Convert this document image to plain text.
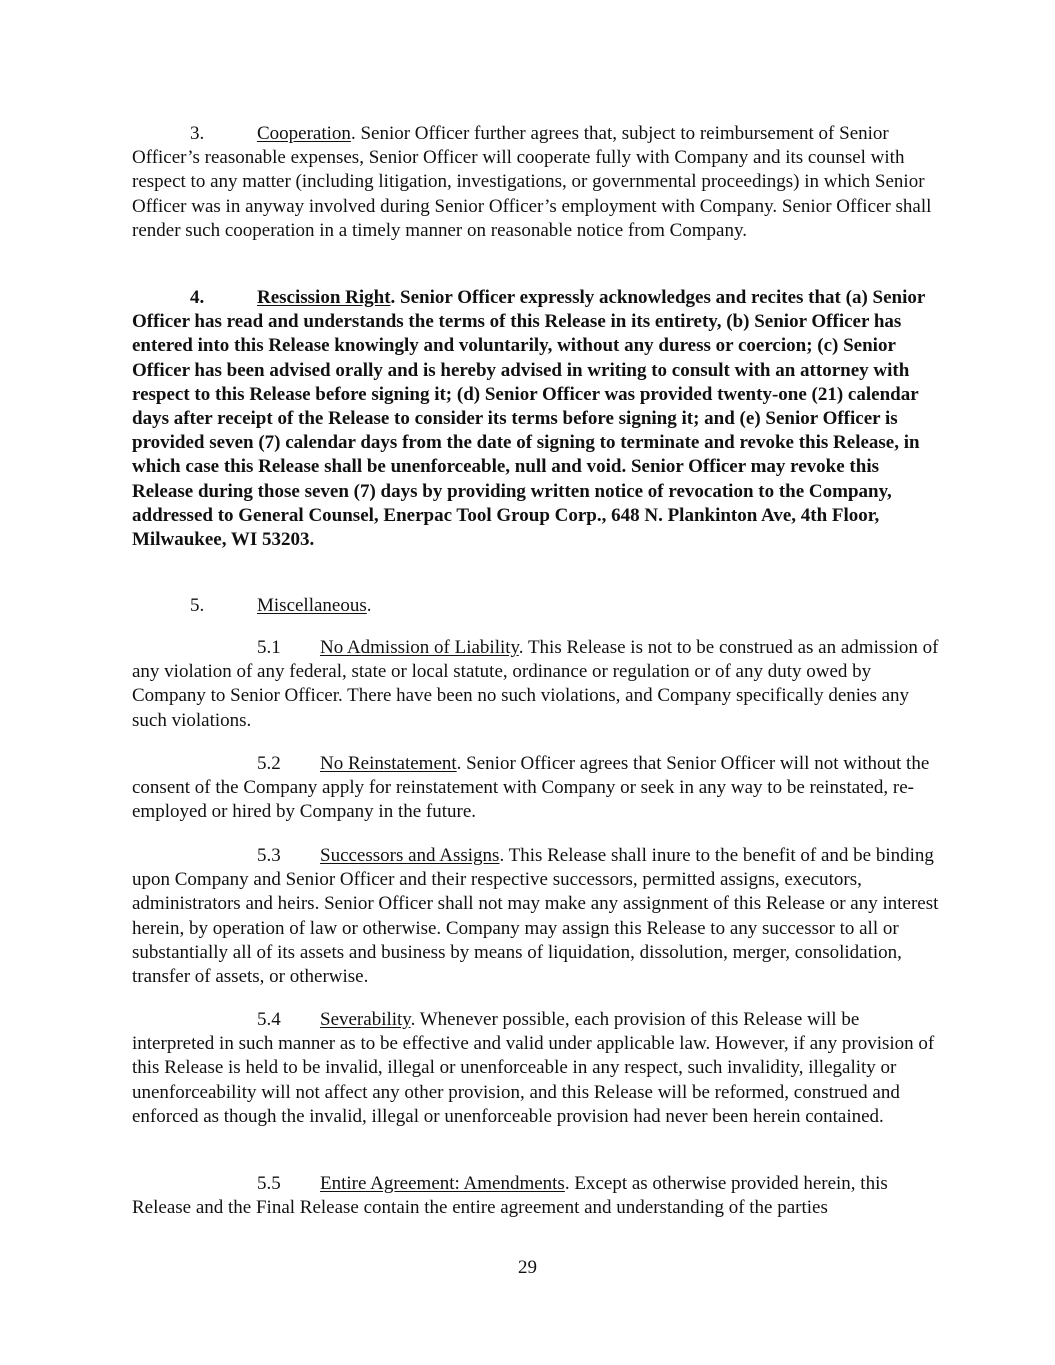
3.	Cooperation. Senior Officer further agrees that, subject to reimbursement of Senior Officer’s reasonable expenses, Senior Officer will cooperate fully with Company and its counsel with respect to any matter (including litigation, investigations, or governmental proceedings) in which Senior Officer was in anyway involved during Senior Officer’s employment with Company. Senior Officer shall render such cooperation in a timely manner on reasonable notice from Company.

4.	Rescission Right. Senior Officer expressly acknowledges and recites that (a) Senior Officer has read and understands the terms of this Release in its entirety, (b) Senior Officer has entered into this Release knowingly and voluntarily, without any duress or coercion; (c) Senior Officer has been advised orally and is hereby advised in writing to consult with an attorney with respect to this Release before signing it; (d) Senior Officer was provided twenty-one (21) calendar days after receipt of the Release to consider its terms before signing it; and (e) Senior Officer is provided seven (7) calendar days from the date of signing to terminate and revoke this Release, in which case this Release shall be unenforceable, null and void. Senior Officer may revoke this Release during those seven (7) days by providing written notice of revocation to the Company, addressed to General Counsel, Enerpac Tool Group Corp., 648 N. Plankinton Ave, 4th Floor, Milwaukee, WI 53203.

5.	Miscellaneous.

5.1 No Admission of Liability. This Release is not to be construed as an admission of any violation of any federal, state or local statute, ordinance or regulation or of any duty owed by Company to Senior Officer. There have been no such violations, and Company specifically denies any such violations.

5.2 No Reinstatement. Senior Officer agrees that Senior Officer will not without the consent of the Company apply for reinstatement with Company or seek in any way to be reinstated, re-employed or hired by Company in the future.

5.3 Successors and Assigns. This Release shall inure to the benefit of and be binding upon Company and Senior Officer and their respective successors, permitted assigns, executors, administrators and heirs. Senior Officer shall not may make any assignment of this Release or any interest herein, by operation of law or otherwise. Company may assign this Release to any successor to all or substantially all of its assets and business by means of liquidation, dissolution, merger, consolidation, transfer of assets, or otherwise.

5.4 Severability. Whenever possible, each provision of this Release will be interpreted in such manner as to be effective and valid under applicable law. However, if any provision of this Release is held to be invalid, illegal or unenforceable in any respect, such invalidity, illegality or unenforceability will not affect any other provision, and this Release will be reformed, construed and enforced as though the invalid, illegal or unenforceable provision had never been herein contained.

5.5 Entire Agreement: Amendments. Except as otherwise provided herein, this Release and the Final Release contain the entire agreement and understanding of the parties

29
